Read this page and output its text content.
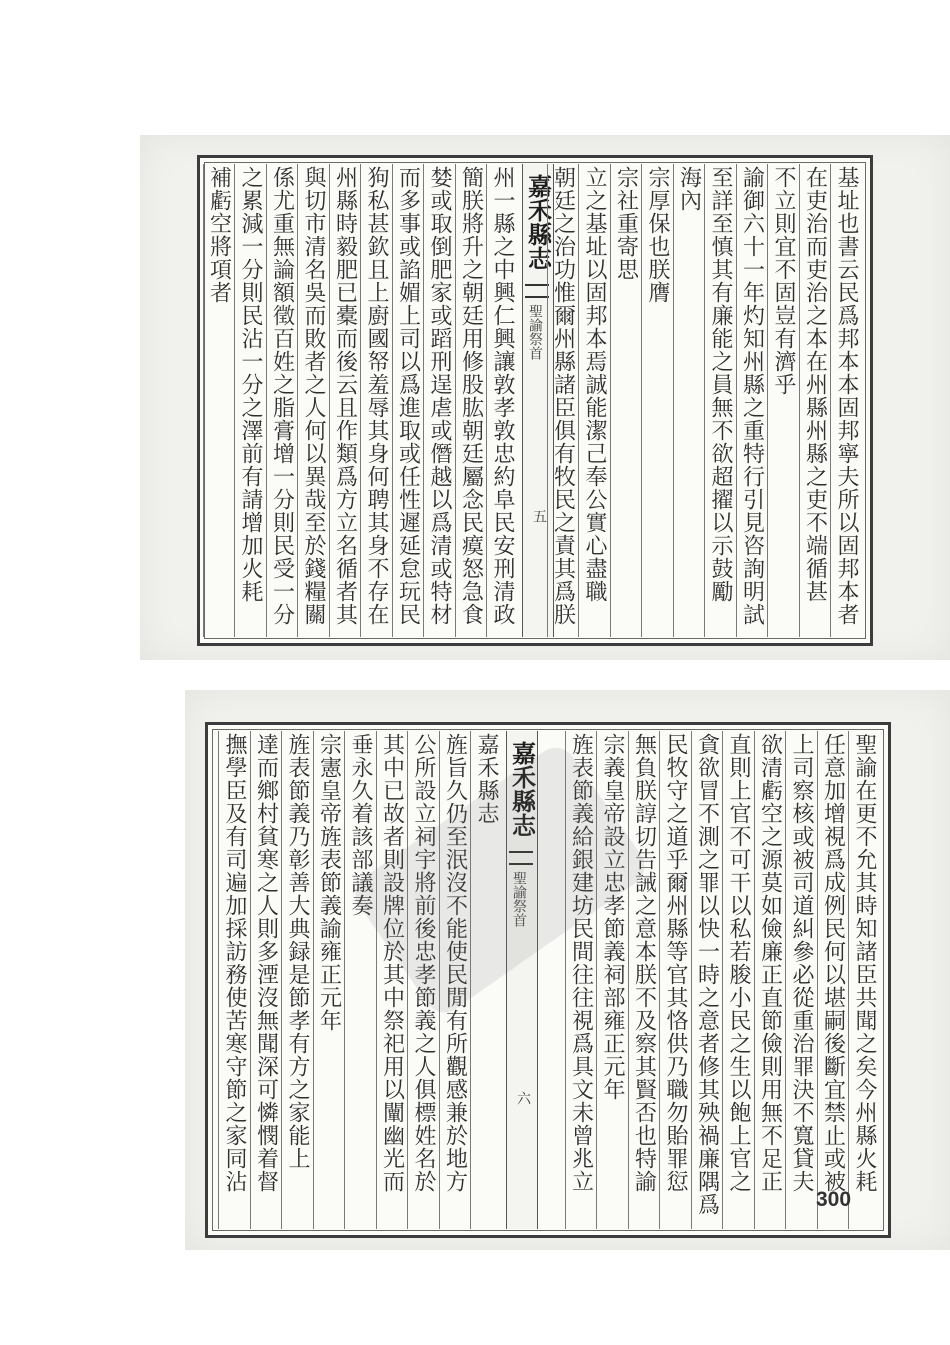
嘉禾縣志
聖諭祭首
五	基址也書云民爲邦本本固邦寧夫所以固邦本者
在吏治而吏治之本在州縣州縣之吏不端循甚
不立則宜不固豈有濟乎
諭御六十一年灼知州縣之重特行引見咨詢明試
至詳至慎其有廉能之員無不欲超擢以示鼓勵
海內
宗厚保也朕膺
宗社重寄思
立之基址以固邦本焉誠能潔己奉公實心盡職
朝廷之治功惟爾州縣諸臣俱有牧民之責其爲朕
州一縣之中興仁興讓敦孝敦忠約阜民安刑清政
簡朕將升之朝廷用修股肱朝廷屬念民瘼怒急食
婪或取倒肥家或蹈刑逞虐或僭越以爲清或特材
而多事或諂媚上司以爲進取或任性遲延怠玩民
狗私甚欽且上廚國帑羞辱其身何聘其身不存在
州縣時毅肥已橐而後云且作類爲方立名循者其
與切市清名吳而敗者之人何以異哉至於錢糧關
係尤重無論額徵百姓之脂膏增一分則民受一分
之累減一分則民沾一分之澤前有請增加火耗
補虧空將項者
嘉禾縣志
聖諭祭首
六	聖諭在更不允其時知諸臣共聞之矣今州縣火耗
任意加增視爲成例民何以堪嗣後斷宜禁止或被
上司察核或被司道糾參必從重治罪決不寬貸夫
欲清虧空之源莫如儉廉正直節儉則用無不足正
直則上官不可干以私若脧小民之生以飽上官之
貪欲冒不測之罪以快一時之意者修其殃禍廉隅爲
民牧守之道乎爾州縣等官其恪供乃職勿貽罪愆
無負朕諄切告誡之意本朕不及察其賢否也特諭
宗義皇帝設立忠孝節義祠部雍正元年
旌表節義給銀建坊民間往往視爲具文未曾兆立
嘉禾縣志
旌旨久仍至泯沒不能使民閒有所觀感兼於地方
公所設立祠宇將前後忠孝節義之人俱標姓名於
其中已故者則設牌位於其中祭祀用以闡幽光而
垂永久着該部議奏
宗憲皇帝旌表節義諭雍正元年
旌表節義乃彰善大典録是節孝有方之家能上
達而鄉村貧寒之人則多湮沒無聞深可憐憫着督
撫學臣及有司遍加採訪務使苦寒守節之家同沾
300
